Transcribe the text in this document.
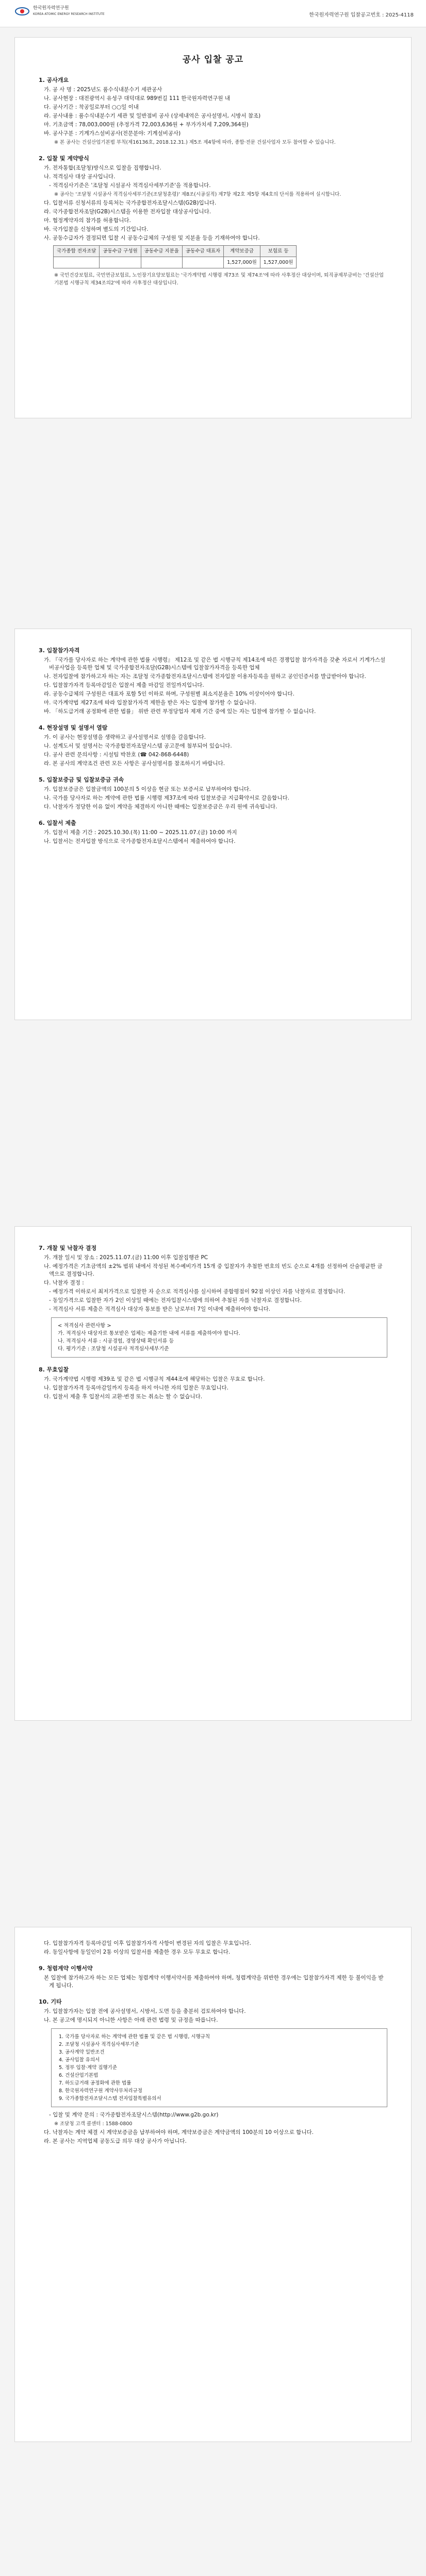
한국원자력연구원
KOREA ATOMIC ENERGY RESEARCH INSTITUTE	한국원자력연구원 입찰공고번호 : 2025-4118
공사 입찰 공고
1. 공사개요
가. 공 사 명 : 2025년도 품수식내분수기 세관공사
나. 공사현장 : 대전광역시 유성구 대덕대로 989번길 111 한국원자력연구원 내
다. 공사기간 : 착공일로부터 ○○일 이내
라. 공사내용 : 품수식내분수기 세관 및 일반점비 공사 (상세내역은 공사설명서, 시방서 참조)
마. 기초금액 : 78,003,000원 (추정가격 72,003,636원 + 부가가치세 7,209,364원)
바. 공사구분 : 기계가스설비공사(전문분야: 기계설비공사)
※ 본 공사는 건설산업기본법 부칙(제16136호, 2018.12.31.) 제5조 제4항에 따라, 종합·전문 건설사업자 모두 참여할 수 있습니다.
2. 입찰 및 계약방식
가. 전자통합(조달청)방식으로 입찰을 집행합니다.
나. 적격심사 대상 공사입니다.
- 적격심사기준은 '조달청 시설공사 적격심사세부기준'을 적용합니다.
※ 공사는 '조달청 시설공사 적격심사세부기준(조달청훈령)' 제8조(시공실적) 제7항 제2호 제5항 제4호의 단서를 적용하여 실시합니다.
다. 입찰서류 신청서류의 등록처는 국가종합전자조달시스템(G2B)입니다.
라. 국가종합전자조달(G2B)시스템을 이용한 전자입찰 대상공사입니다.
마. 협정계약자의 참가를 허용합니다.
바. 국가입찰을 신청하며 별도의 기간입니다.
사. 공동수급자가 결정되면 입찰 시 공동수급체의 구성원 및 지분율 등을 기재하여야 합니다.
국가종합 전자조달	공동수급 구성원	공동수급 지분율	공동수급 대표자	계약보증금	보험료 등
				1,527,000원	1,527,000원
※ 국민건강보험료, 국민연금보험료, 노인장기요양보험료는 '국가계약법 시행령 제73조 및 제74조'에 따라 사후정산 대상이며, 퇴직공제부금비는 '건설산업기본법 시행규칙 제34조의2'에 따라 사후정산 대상입니다.
3. 입찰참가자격
가. 『국가를 당사자로 하는 계약에 관한 법률 시행령』 제12조 및 같은 법 시행규칙 제14조에 따른 경쟁입찰 참가자격을 갖춘 자로서 기계가스설비공사업을 등록한 업체 및 국가종합전자조달(G2B)시스템에 입찰참가자격을 등록한 업체
나. 전자입찰에 참가하고자 하는 자는 조달청 국가종합전자조달시스템에 전자입찰 이용자등록을 필하고 공인인증서를 발급받아야 합니다.
다. 입찰참가자격 등록마감일은 입찰서 제출 마감일 전일까지입니다.
라. 공동수급체의 구성원은 대표자 포함 5인 이하로 하며, 구성원별 최소지분율은 10% 이상이어야 합니다.
마. 국가계약법 제27조에 따라 입찰참가자격 제한을 받은 자는 입찰에 참가할 수 없습니다.
바. 「하도급거래 공정화에 관한 법률」 위반 관련 부정당업자 제재 기간 중에 있는 자는 입찰에 참가할 수 없습니다.
4. 현장설명 및 설명서 열람
가. 이 공사는 현장설명을 생략하고 공사설명서로 설명을 갈음합니다.
나. 설계도서 및 설명서는 국가종합전자조달시스템 공고문에 첨부되어 있습니다.
다. 공사 관련 문의사항 : 시설팀 박찬호 (☎ 042-868-6448)
라. 본 공사의 계약조건 관련 모든 사항은 공사설명서를 참조하시기 바랍니다.
5. 입찰보증금 및 입찰보증금 귀속
가. 입찰보증금은 입찰금액의 100분의 5 이상을 현금 또는 보증서로 납부하여야 합니다.
나. 국가를 당사자로 하는 계약에 관한 법률 시행령 제37조에 따라 입찰보증금 지급확약서로 갈음합니다.
다. 낙찰자가 정당한 이유 없이 계약을 체결하지 아니한 때에는 입찰보증금은 우리 원에 귀속됩니다.
6. 입찰서 제출
가. 입찰서 제출 기간 : 2025.10.30.(목) 11:00 ~ 2025.11.07.(금) 10:00 까지
나. 입찰서는 전자입찰 방식으로 국가종합전자조달시스템에서 제출하여야 합니다.
7. 개찰 및 낙찰자 결정
가. 개찰 일시 및 장소 : 2025.11.07.(금) 11:00 이후 입찰집행관 PC
나. 예정가격은 기초금액의 ±2% 범위 내에서 작성된 복수예비가격 15개 중 입찰자가 추첨한 번호의 빈도 순으로 4개를 선정하여 산술평균한 금액으로 결정합니다.
다. 낙찰자 결정 :
- 예정가격 이하로서 최저가격으로 입찰한 자 순으로 적격심사를 실시하여 종합평점이 92점 이상인 자를 낙찰자로 결정합니다.
- 동일가격으로 입찰한 자가 2인 이상일 때에는 전자입찰시스템에 의하여 추첨된 자를 낙찰자로 결정합니다.
- 적격심사 서류 제출은 적격심사 대상자 통보를 받은 날로부터 7일 이내에 제출하여야 합니다.
< 적격심사 관련사항 >
가. 적격심사 대상자로 통보받은 업체는 제출기한 내에 서류를 제출하여야 합니다.
나. 적격심사 서류 : 시공경험, 경영상태 확인서류 등
다. 평가기준 : 조달청 시설공사 적격심사세부기준
8. 무효입찰
가. 국가계약법 시행령 제39조 및 같은 법 시행규칙 제44조에 해당하는 입찰은 무효로 합니다.
나. 입찰참가자격 등록마감일까지 등록을 하지 아니한 자의 입찰은 무효입니다.
다. 입찰서 제출 후 입찰서의 교환·변경 또는 취소는 할 수 없습니다.
다. 입찰참가자격 등록마감일 이후 입찰참가자격 사항이 변경된 자의 입찰은 무효입니다.
라. 동일사항에 동일인이 2통 이상의 입찰서를 제출한 경우 모두 무효로 합니다.
9. 청렴계약 이행서약
본 입찰에 참가하고자 하는 모든 업체는 청렴계약 이행서약서를 제출하여야 하며, 청렴계약을 위반한 경우에는 입찰참가자격 제한 등 불이익을 받게 됩니다.
10. 기타
가. 입찰참가자는 입찰 전에 공사설명서, 시방서, 도면 등을 충분히 검토하여야 합니다.
나. 본 공고에 명시되지 아니한 사항은 아래 관련 법령 및 규정을 따릅니다.
1. 국가를 당사자로 하는 계약에 관한 법률 및 같은 법 시행령, 시행규칙
2. 조달청 시설공사 적격심사세부기준
3. 공사계약 일반조건
4. 공사입찰 유의서
5. 정부 입찰·계약 집행기준
6. 건설산업기본법
7. 하도급거래 공정화에 관한 법률
8. 한국원자력연구원 계약사무처리규정
9. 국가종합전자조달시스템 전자입찰특별유의서
- 입찰 및 계약 문의 : 국가종합전자조달시스템(http://www.g2b.go.kr)
※ 조달청 고객 콜센터 : 1588-0800
다. 낙찰자는 계약 체결 시 계약보증금을 납부하여야 하며, 계약보증금은 계약금액의 100분의 10 이상으로 합니다.
라. 본 공사는 지역업체 공동도급 의무 대상 공사가 아닙니다.
